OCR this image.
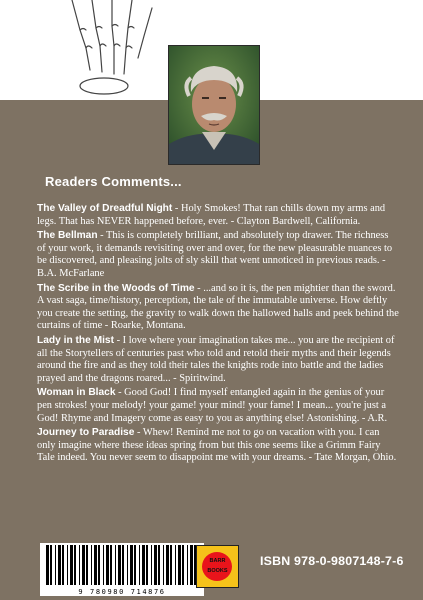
Readers Comments...

The Valley of Dreadful Night - Holy Smokes! That ran chills down my arms and legs. That has NEVER happened before, ever. - Clayton Bardwell, California.

The Bellman - This is completely brilliant, and absolutely top drawer. The richness of your work, it demands revisiting over and over, for the new pleasurable nuances to be discovered, and pleasing jolts of sly skill that went unnoticed in previous reads. - B.A. McFarlane

The Scribe in the Woods of Time - ...and so it is, the pen mightier than the sword. A vast saga, time/history, perception, the tale of the immutable universe. How deftly you create the setting, the gravity to walk down the hallowed halls and peek behind the curtains of time - Roarke, Montana.

Lady in the Mist - I love where your imagination takes me... you are the recipient of all the Storytellers of centuries past who told and retold their myths and their legends around the fire and as they told their tales the knights rode into battle and the ladies prayed and the dragons roared... - Spiritwind.

Woman in Black - Good God! I find myself entangled again in the genius of your pen strokes! your melody! your game! your mind! your fame! I mean... you're just a God! Rhyme and Imagery come as easy to you as anything else! Astonishing. - A.R.

Journey to Paradise - Whew! Remind me not to go on vacation with you. I can only imagine where these ideas spring from but this one seems like a Grimm Fairy Tale indeed. You never seem to disappoint me with your dreams. - Tate Morgan, Ohio.

9 780980 714876
BARR
BOOKS
ISBN 978-0-9807148-7-6
